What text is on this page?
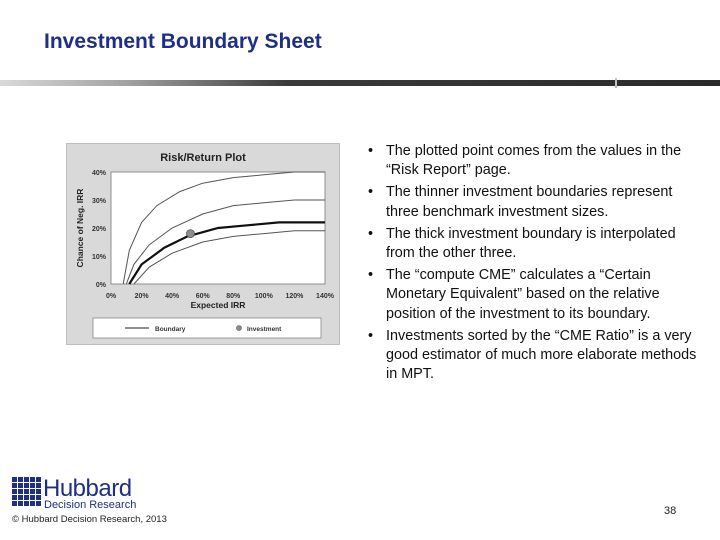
Investment Boundary Sheet
Risk/Return Plot
0%
10%
20%
30%
40%
0%	20% 40% 60% 80% 100% 120% 140%
Expected IRR
Chance of Neg. IRR
Boundary	Investment
• The plotted point comes from the values in the “Risk Report” page.
• The thinner investment boundaries represent three benchmark investment sizes.
• The thick investment boundary is interpolated from the other three.
• The “compute CME” calculates a “Certain Monetary Equivalent” based on the relative position of the investment to its boundary.
• Investments sorted by the “CME Ratio” is a very good estimator of much more elaborate methods in MPT.
Hubbard
Decision Research
© Hubbard Decision Research, 2013
38
